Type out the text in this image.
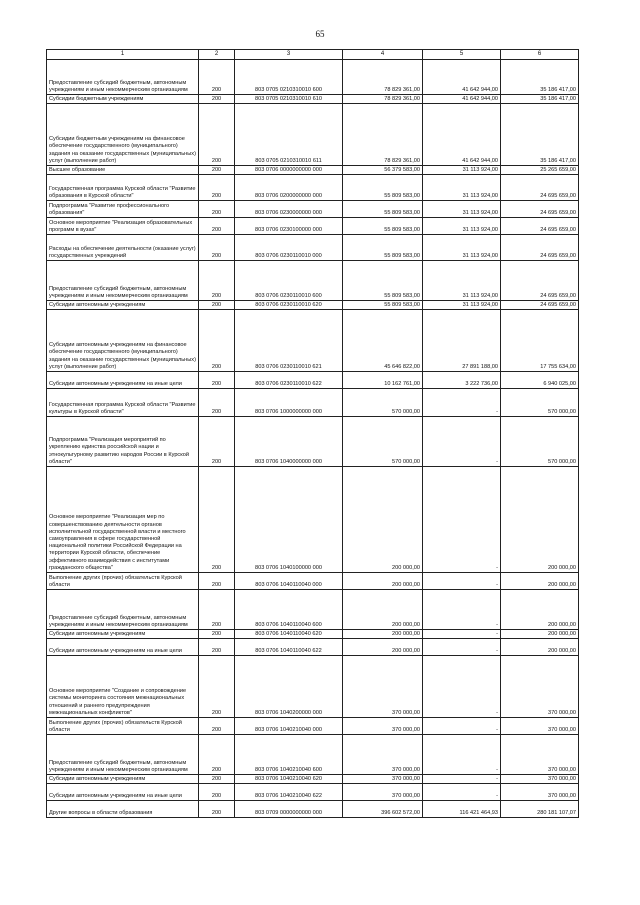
65
1	2	3	4	5	6
Предоставление субсидий бюджетным, автономным учреждениям и иным некоммерческим организациям	200	803 0705 0210310010 600	78 829 361,00	41 642 944,00	35 186 417,00
Субсидии бюджетным учреждениям	200	803 0705 0210310010 610	78 829 361,00	41 642 944,00	35 186 417,00
Субсидии бюджетным учреждениям на финансовое обеспечение государственного (муниципального) задания на оказание государственных (муниципальных) услуг (выполнение работ)	200	803 0705 0210310010 611	78 829 361,00	41 642 944,00	35 186 417,00
Высшее образование	200	803 0706 0000000000 000	56 379 583,00	31 113 924,00	25 265 659,00
Государственная программа Курской области "Развитие образования в Курской области"	200	803 0706 0200000000 000	55 809 583,00	31 113 924,00	24 695 659,00
Подпрограмма "Развитие профессионального образования"	200	803 0706 0230000000 000	55 809 583,00	31 113 924,00	24 695 659,00
Основное мероприятие "Реализация образовательных программ в вузах"	200	803 0706 0230100000 000	55 809 583,00	31 113 924,00	24 695 659,00
Расходы на обеспечение деятельности (оказание услуг) государственных учреждений	200	803 0706 0230110010 000	55 809 583,00	31 113 924,00	24 695 659,00
Предоставление субсидий бюджетным, автономным учреждениям и иным некоммерческим организациям	200	803 0706 0230110010 600	55 809 583,00	31 113 924,00	24 695 659,00
Субсидии автономным учреждениям	200	803 0706 0230110010 620	55 809 583,00	31 113 924,00	24 695 659,00
Субсидии автономным учреждениям на финансовое обеспечение государственного (муниципального) задания на оказание государственных (муниципальных) услуг (выполнение работ)	200	803 0706 0230110010 621	45 646 822,00	27 891 188,00	17 755 634,00
Субсидии автономным учреждениям на иные цели	200	803 0706 0230110010 622	10 162 761,00	3 222 736,00	6 940 025,00
Государственная программа Курской области "Развитие культуры в Курской области"	200	803 0706 1000000000 000	570 000,00	-	570 000,00
Подпрограмма "Реализация мероприятий по укреплению единства российской нации и этнокультурному развитию народов России в Курской области"	200	803 0706 1040000000 000	570 000,00	-	570 000,00
Основное мероприятие "Реализация мер по совершенствованию деятельности органов исполнительной государственной власти и местного самоуправления в сфере государственной национальной политики Российской Федерации на территории Курской области, обеспечение эффективного взаимодействия с институтами гражданского общества"	200	803 0706 1040100000 000	200 000,00	-	200 000,00
Выполнение других (прочих) обязательств Курской области	200	803 0706 1040110040 000	200 000,00	-	200 000,00
Предоставление субсидий бюджетным, автономным учреждениям и иным некоммерческим организациям	200	803 0706 1040110040 600	200 000,00	-	200 000,00
Субсидии автономным учреждениям	200	803 0706 1040110040 620	200 000,00	-	200 000,00
Субсидии автономным учреждениям на иные цели	200	803 0706 1040110040 622	200 000,00	-	200 000,00
Основное мероприятие "Создание и сопровождение системы мониторинга состояния межнациональных отношений и раннего предупреждения межнациональных конфликтов"	200	803 0706 1040200000 000	370 000,00	-	370 000,00
Выполнение других (прочих) обязательств Курской области	200	803 0706 1040210040 000	370 000,00	-	370 000,00
Предоставление субсидий бюджетным, автономным учреждениям и иным некоммерческим организациям	200	803 0706 1040210040 600	370 000,00	-	370 000,00
Субсидии автономным учреждениям	200	803 0706 1040210040 620	370 000,00	-	370 000,00
Субсидии автономным учреждениям на иные цели	200	803 0706 1040210040 622	370 000,00	-	370 000,00
Другие вопросы в области образования	200	803 0709 0000000000 000	396 602 572,00	116 421 464,93	280 181 107,07
